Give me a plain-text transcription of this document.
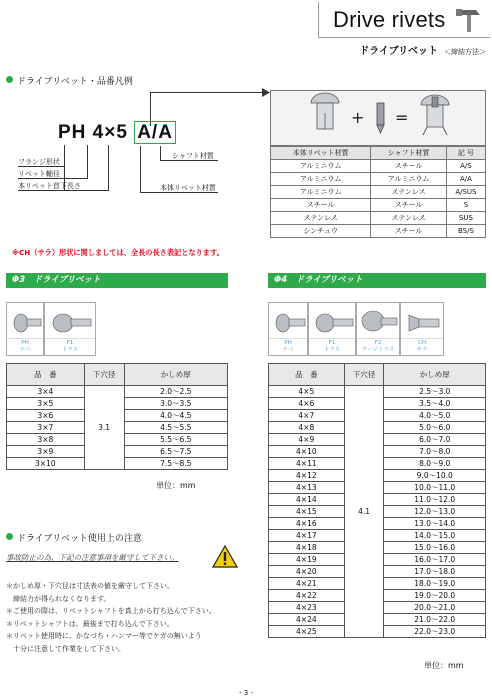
Drive rivets
ドライブリベット ＜締結方法＞
ドライブリベット・品番凡例
PH 4×5 A/A
フランジ形状
リベット軸径
本リベット首下長さ
シャフト材質
本体リベット材質
+ =
本体リベット材質	シャフト材質	記 号
アルミニウム	スチール	A/S
アルミニウム	アルミニウム	A/A
アルミニウム	ステンレス	A/SUS
スチール	スチール	S
ステンレス	ステンレス	SUS
シンチュウ	スチール	BS/S
※CH（サラ）形状に関しましては、全長の長さ表記となります。
Φ3　ドライブリベット
PH
ナベ
F1
トラス
品　番	下穴径	かしめ厚
3×4	3.1	2.0～2.5
3×5		3.0～3.5
3×6		4.0～4.5
3×7		4.5～5.5
3×8		5.5～6.5
3×9		6.5～7.5
3×10		7.5～8.5
単位：mm
Φ4　ドライブリベット
PH
ナベ
F1
トラス
F2
ラージトラス
CH
サラ
品　番	下穴径	かしめ厚
4×5	4.1	2.5～3.0
4×6		3.5～4.0
4×7		4.0～5.0
4×8		5.0～6.0
4×9		6.0～7.0
4×10		7.0～8.0
4×11		8.0～9.0
4×12		9.0～10.0
4×13		10.0～11.0
4×14		11.0～12.0
4×15		12.0～13.0
4×16		13.0～14.0
4×17		14.0～15.0
4×18		15.0～16.0
4×19		16.0～17.0
4×20		17.0～18.0
4×21		18.0～19.0
4×22		19.0～20.0
4×23		20.0～21.0
4×24		21.0～22.0
4×25		22.0～23.0
単位：mm
ドライブリベット使用上の注意
事故防止の為、下記の注意事項を厳守して下さい。
＊かしめ厚・下穴径は寸法表の値を厳守して下さい。
　締結力が得られなくなります。
＊ご使用の際は、リベットシャフトを真上から打ち込んで下さい。
＊リベットシャフトは、最後まで打ち込んで下さい。
＊リベット使用時に、かなづち・ハンマー等でケガの無いよう
　十分に注意して作業をして下さい。
- 3 -
